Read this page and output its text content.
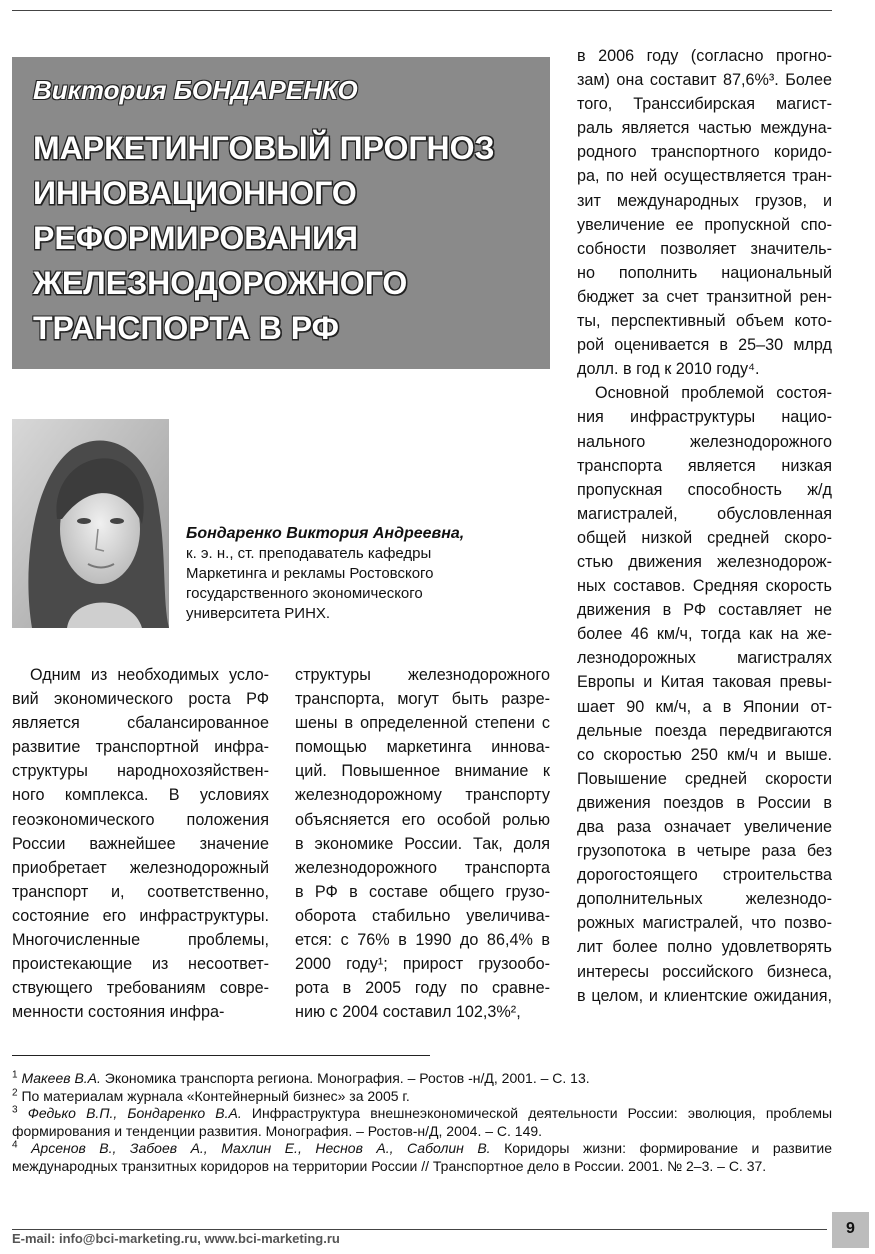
Виктория БОНДАРЕНКО
МАРКЕТИНГОВЫЙ ПРОГНОЗ
ИННОВАЦИОННОГО
РЕФОРМИРОВАНИЯ
ЖЕЛЕЗНОДОРОЖНОГО
ТРАНСПОРТА В РФ
Бондаренко Виктория Андреевна,
к. э. н., ст. преподаватель кафедры
Маркетинга и рекламы Ростовского
государственного экономического
университета РИНХ.
Одним из необходимых усло-
вий экономического роста РФ
является сбалансированное
развитие транспортной инфра-
структуры народнохозяйствен-
ного комплекса. В условиях
геоэкономического положения
России важнейшее значение
приобретает железнодорожный
транспорт и, соответственно,
состояние его инфраструктуры.
Многочисленные проблемы,
проистекающие из несоответ-
ствующего требованиям совре-
менности состояния инфра-
структуры железнодорожного
транспорта, могут быть разре-
шены в определенной степени с
помощью маркетинга иннова-
ций. Повышенное внимание к
железнодорожному транспорту
объясняется его особой ролью
в экономике России. Так, доля
железнодорожного транспорта
в РФ в составе общего грузо-
оборота стабильно увеличива-
ется: с 76% в 1990 до 86,4% в
2000 году¹; прирост грузообо-
рота в 2005 году по сравне-
нию с 2004 составил 102,3%²,
в 2006 году (согласно прогно-
зам) она составит 87,6%³. Более
того, Транссибирская магист-
раль является частью междуна-
родного транспортного коридо-
ра, по ней осуществляется тран-
зит международных грузов, и
увеличение ее пропускной спо-
собности позволяет значитель-
но пополнить национальный
бюджет за счет транзитной рен-
ты, перспективный объем кото-
рой оценивается в 25–30 млрд
долл. в год к 2010 году⁴.
Основной проблемой состоя-
ния инфраструктуры нацио-
нального железнодорожного
транспорта является низкая
пропускная способность ж/д
магистралей, обусловленная
общей низкой средней скоро-
стью движения железнодорож-
ных составов. Средняя скорость
движения в РФ составляет не
более 46 км/ч, тогда как на же-
лезнодорожных магистралях
Европы и Китая таковая превы-
шает 90 км/ч, а в Японии от-
дельные поезда передвигаются
со скоростью 250 км/ч и выше.
Повышение средней скорости
движения поездов в России в
два раза означает увеличение
грузопотока в четыре раза без
дорогостоящего строительства
дополнительных железнодо-
рожных магистралей, что позво-
лит более полно удовлетворять
интересы российского бизнеса,
в целом, и клиентские ожидания,
$^1$ Макеев В.А. Экономика транспорта региона. Монография. – Ростов -н/Д, 2001. – С. 13.
$^2$ По материалам журнала «Контейнерный бизнес» за 2005 г.
$^3$ Федько В.П., Бондаренко В.А. Инфраструктура внешнеэкономической деятельности России: эволюция, проблемы
формирования и тенденции развития. Монография. – Ростов-н/Д, 2004. – С. 149.
$^4$ Арсенов В., Забоев А., Махлин Е., Неснов А., Саболин В. Коридоры жизни: формирование и развитие
международных транзитных коридоров на территории России // Транспортное дело в России. 2001. № 2–3. – С. 37.
E-mail: info@bci-marketing.ru, www.bci-marketing.ru
9
